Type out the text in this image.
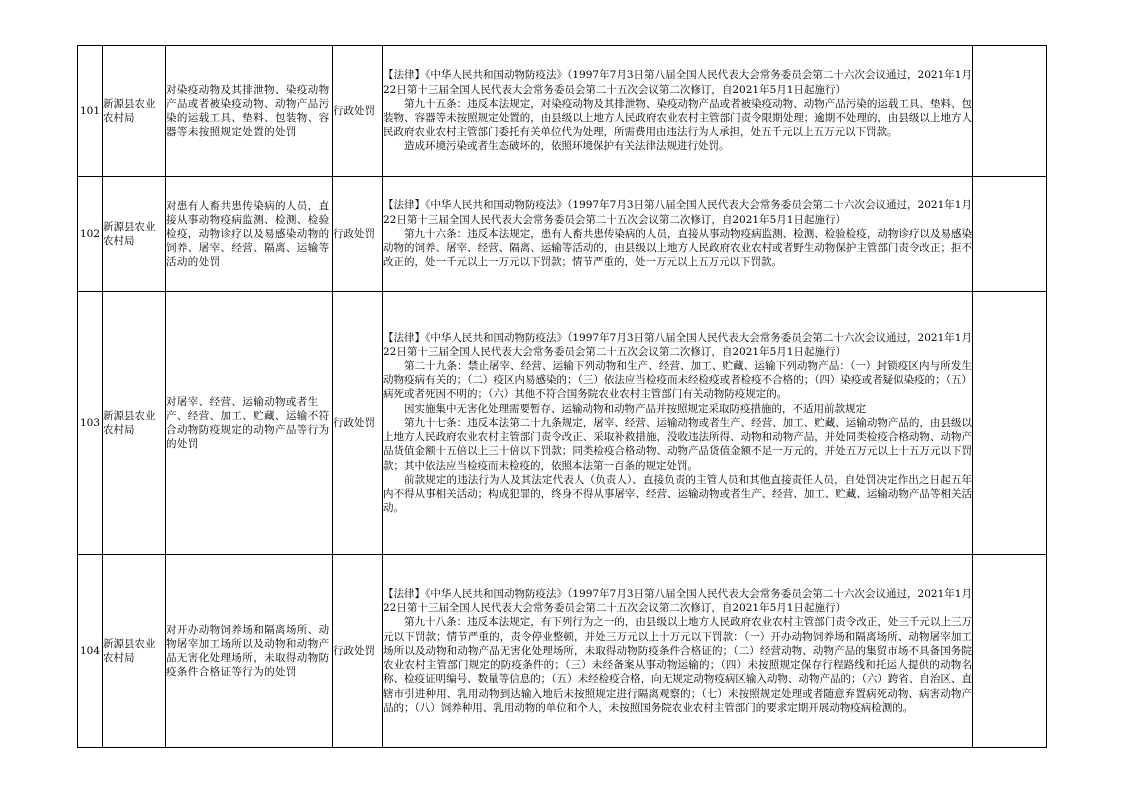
101	新源县农业农村局	对染疫动物及其排泄物、染疫动物产品或者被染疫动物、动物产品污染的运载工具、垫料、包装物、容器等未按照规定处置的处罚	行政处罚	【法律】《中华人民共和国动物防疫法》（1997年7月3日第八届全国人民代表大会常务委员会第二十六次会议通过，2021年1月22日第十三届全国人民代表大会常务委员会第二十五次会议第二次修订，自2021年5月1日起施行）

第九十五条：违反本法规定，对染疫动物及其排泄物、染疫动物产品或者被染疫动物、动物产品污染的运载工具、垫料、包装物、容器等未按照规定处置的，由县级以上地方人民政府农业农村主管部门责令限期处理；逾期不处理的，由县级以上地方人民政府农业农村主管部门委托有关单位代为处理，所需费用由违法行为人承担，处五千元以上五万元以下罚款。

造成环境污染或者生态破坏的，依照环境保护有关法律法规进行处罚。	

102	新源县农业农村局	对患有人畜共患传染病的人员，直接从事动物疫病监测、检测、检验检疫，动物诊疗以及易感染动物的饲养、屠宰、经营、隔离、运输等活动的处罚	行政处罚	【法律】《中华人民共和国动物防疫法》（1997年7月3日第八届全国人民代表大会常务委员会第二十六次会议通过，2021年1月22日第十三届全国人民代表大会常务委员会第二十五次会议第二次修订，自2021年5月1日起施行）

第九十六条：违反本法规定，患有人畜共患传染病的人员，直接从事动物疫病监测、检测、检验检疫，动物诊疗以及易感染动物的饲养、屠宰、经营、隔离、运输等活动的，由县级以上地方人民政府农业农村或者野生动物保护主管部门责令改正；拒不改正的，处一千元以上一万元以下罚款；情节严重的，处一万元以上五万元以下罚款。	

103	新源县农业农村局	对屠宰、经营、运输动物或者生产、经营、加工、贮藏、运输不符合动物防疫规定的动物产品等行为的处罚	行政处罚	【法律】《中华人民共和国动物防疫法》（1997年7月3日第八届全国人民代表大会常务委员会第二十六次会议通过，2021年1月22日第十三届全国人民代表大会常务委员会第二十五次会议第二次修订，自2021年5月1日起施行）

第二十九条：禁止屠宰、经营、运输下列动物和生产、经营、加工、贮藏、运输下列动物产品：（一）封锁疫区内与所发生动物疫病有关的；（二）疫区内易感染的；（三）依法应当检疫而未经检疫或者检疫不合格的；（四）染疫或者疑似染疫的；（五）病死或者死因不明的；（六）其他不符合国务院农业农村主管部门有关动物防疫规定的。

因实施集中无害化处理需要暂存、运输动物和动物产品并按照规定采取防疫措施的，不适用前款规定

第九十七条：违反本法第二十九条规定，屠宰、经营、运输动物或者生产、经营、加工、贮藏、运输动物产品的，由县级以上地方人民政府农业农村主管部门责令改正、采取补救措施，没收违法所得、动物和动物产品，并处同类检疫合格动物、动物产品货值金额十五倍以上三十倍以下罚款；同类检疫合格动物、动物产品货值金额不足一万元的，并处五万元以上十五万元以下罚款；其中依法应当检疫而未检疫的，依照本法第一百条的规定处罚。

前款规定的违法行为人及其法定代表人（负责人）、直接负责的主管人员和其他直接责任人员，自处罚决定作出之日起五年内不得从事相关活动；构成犯罪的，终身不得从事屠宰、经营、运输动物或者生产、经营、加工、贮藏、运输动物产品等相关活动。	

104	新源县农业农村局	对开办动物饲养场和隔离场所、动物屠宰加工场所以及动物和动物产品无害化处理场所，未取得动物防疫条件合格证等行为的处罚	行政处罚	【法律】《中华人民共和国动物防疫法》（1997年7月3日第八届全国人民代表大会常务委员会第二十六次会议通过，2021年1月22日第十三届全国人民代表大会常务委员会第二十五次会议第二次修订，自2021年5月1日起施行）

第九十八条：违反本法规定，有下列行为之一的，由县级以上地方人民政府农业农村主管部门责令改正，处三千元以上三万元以下罚款；情节严重的，责令停业整顿，并处三万元以上十万元以下罚款：（一）开办动物饲养场和隔离场所、动物屠宰加工场所以及动物和动物产品无害化处理场所，未取得动物防疫条件合格证的；（二）经营动物、动物产品的集贸市场不具备国务院农业农村主管部门规定的防疫条件的；（三）未经备案从事动物运输的；（四）未按照规定保存行程路线和托运人提供的动物名称、检疫证明编号、数量等信息的；（五）未经检疫合格，向无规定动物疫病区输入动物、动物产品的；（六）跨省、自治区、直辖市引进种用、乳用动物到达输入地后未按照规定进行隔离观察的；（七）未按照规定处理或者随意弃置病死动物、病害动物产品的；（八）饲养种用、乳用动物的单位和个人，未按照国务院农业农村主管部门的要求定期开展动物疫病检测的。	
